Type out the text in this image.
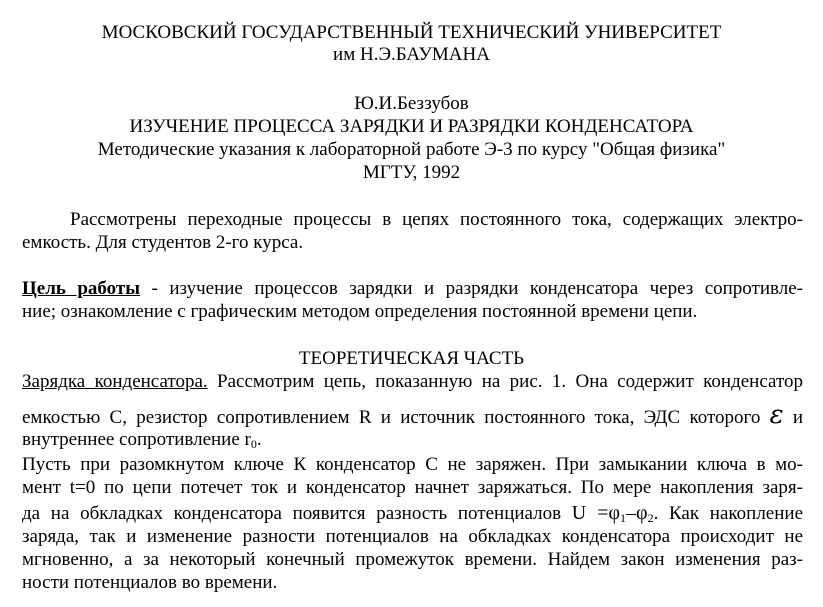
МОСКОВСКИЙ ГОСУДАРСТВЕННЫЙ ТЕХНИЧЕСКИЙ УНИВЕРСИТЕТ
им Н.Э.БАУМАНА
Ю.И.Беззубов
ИЗУЧЕНИЕ ПРОЦЕССА ЗАРЯДКИ И РАЗРЯДКИ КОНДЕНСАТОРА
Методические указания к лабораторной работе Э-3 по курсу "Общая физика"
МГТУ, 1992
Рассмотрены переходные процессы в цепях постоянного тока, содержащих электро-
емкость. Для студентов 2-го курса.
Цель работы - изучение процессов зарядки и разрядки конденсатора через сопротивле-
ние; ознакомление с графическим методом определения постоянной времени цепи.
ТЕОРЕТИЧЕСКАЯ ЧАСТЬ
Зарядка конденсатора. Рассмотрим цепь, показанную на рис. 1. Она содержит конденсатор
емкостью С, резистор сопротивлением R и источник постоянного тока, ЭДС которого ε и
внутреннее сопротивление $r_0$.
Пусть при разомкнутом ключе К конденсатор С не заряжен. При замыкании ключа в мо-
мент t=0 по цепи потечет ток и конденсатор начнет заряжаться. По мере накопления заря-
да на обкладках конденсатора появится разность потенциалов $U =\varphi_1-\varphi_2$. Как накопление
заряда, так и изменение разности потенциалов на обкладках конденсатора происходит не
мгновенно, а за некоторый конечный промежуток времени. Найдем закон изменения раз-
ности потенциалов во времени.
